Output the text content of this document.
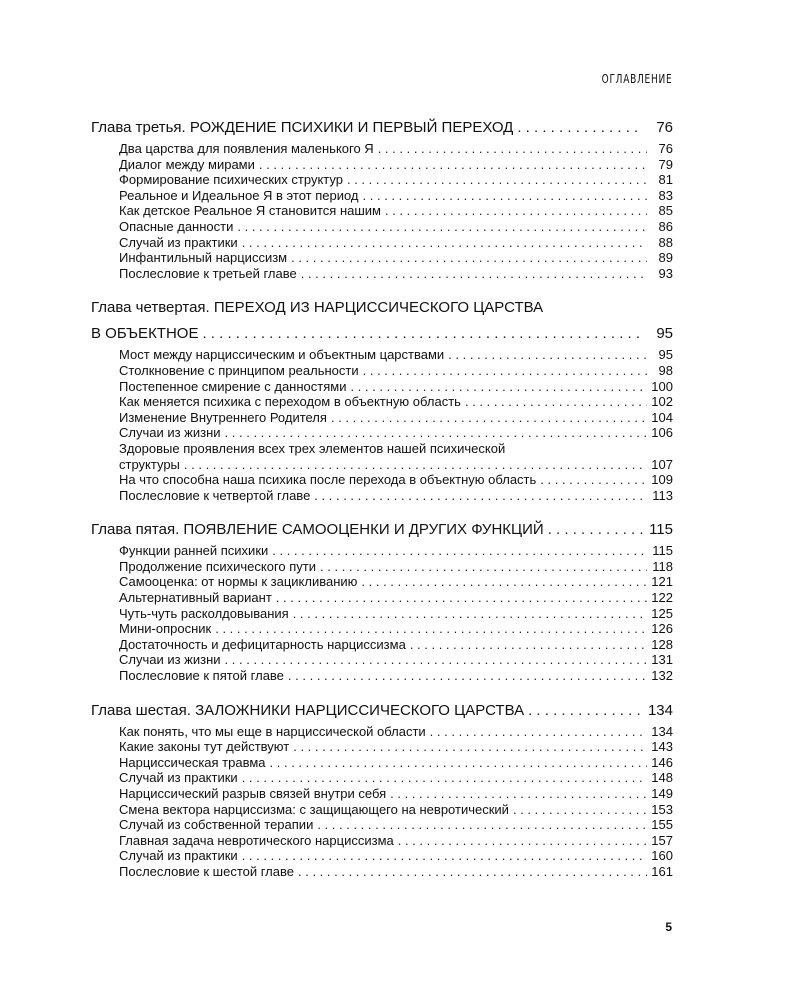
ОГЛАВЛЕНИЕ
Глава третья. РОЖДЕНИЕ ПСИХИКИ И ПЕРВЫЙ ПЕРЕХОД . . .	76
Два царства для появления маленького Я . . .	76
Диалог между мирами . . .	79
Формирование психических структур . . .	81
Реальное и Идеальное Я в этот период . . .	83
Как детское Реальное Я становится нашим . . .	85
Опасные данности . . .	86
Случай из практики . . .	88
Инфантильный нарциссизм . . .	89
Послесловие к третьей главе . . .	93
Глава четвертая. ПЕРЕХОД ИЗ НАРЦИССИЧЕСКОГО ЦАРСТВА
В ОБЪЕКТНОЕ . . .	95
Мост между нарциссическим и объектным царствами . . .	95
Столкновение с принципом реальности . . .	98
Постепенное смирение с данностями . . .	100
Как меняется психика с переходом в объектную область . . .	102
Изменение Внутреннего Родителя . . .	104
Случаи из жизни . . .	106
Здоровые проявления всех трех элементов нашей психической
структуры . . .	107
На что способна наша психика после перехода в объектную область . . .	109
Послесловие к четвертой главе . . .	113
Глава пятая. ПОЯВЛЕНИЕ САМООЦЕНКИ И ДРУГИХ ФУНКЦИЙ . . .	115
Функции ранней психики . . .	115
Продолжение психического пути . . .	118
Самооценка: от нормы к зацикливанию . . .	121
Альтернативный вариант . . .	122
Чуть-чуть расколдовывания . . .	125
Мини-опросник . . .	126
Достаточность и дефицитарность нарциссизма . . .	128
Случаи из жизни . . .	131
Послесловие к пятой главе . . .	132
Глава шестая. ЗАЛОЖНИКИ НАРЦИССИЧЕСКОГО ЦАРСТВА . . .	134
Как понять, что мы еще в нарциссической области . . .	134
Какие законы тут действуют . . .	143
Нарциссическая травма . . .	146
Случай из практики . . .	148
Нарциссический разрыв связей внутри себя . . .	149
Смена вектора нарциссизма: с защищающего на невротический . . .	153
Случай из собственной терапии . . .	155
Главная задача невротического нарциссизма . . .	157
Случай из практики . . .	160
Послесловие к шестой главе . . .	161
5
